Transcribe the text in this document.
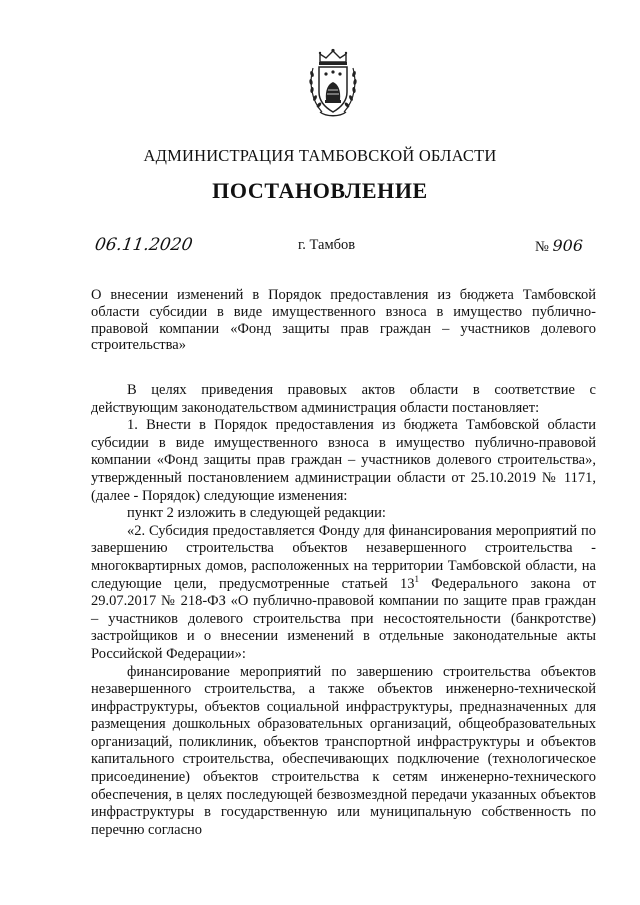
АДМИНИСТРАЦИЯ ТАМБОВСКОЙ ОБЛАСТИ
ПОСТАНОВЛЕНИЕ
06.11.2020	г. Тамбов	№ 906
О внесении изменений в Порядок предоставления из бюджета Тамбовской области субсидии в виде имущественного взноса в имущество публично-правовой компании «Фонд защиты прав граждан – участников долевого строительства»

В целях приведения правовых актов области в соответствие с действующим законодательством администрация области постановляет:

1. Внести в Порядок предоставления из бюджета Тамбовской области субсидии в виде имущественного взноса в имущество публично-правовой компании «Фонд защиты прав граждан – участников долевого строительства», утвержденный постановлением администрации области от 25.10.2019 № 1171, (далее - Порядок) следующие изменения:

пункт 2 изложить в следующей редакции:

«2. Субсидия предоставляется Фонду для финансирования мероприятий по завершению строительства объектов незавершенного строительства - многоквартирных домов, расположенных на территории Тамбовской области, на следующие цели, предусмотренные статьей $13^1$ Федерального закона от 29.07.2017 № 218-ФЗ «О публично-правовой компании по защите прав граждан – участников долевого строительства при несостоятельности (банкротстве) застройщиков и о внесении изменений в отдельные законодательные акты Российской Федерации»:

финансирование мероприятий по завершению строительства объектов незавершенного строительства, а также объектов инженерно-технической инфраструктуры, объектов социальной инфраструктуры, предназначенных для размещения дошкольных образовательных организаций, общеобразовательных организаций, поликлиник, объектов транспортной инфраструктуры и объектов капитального строительства, обеспечивающих подключение (технологическое присоединение) объектов строительства к сетям инженерно-технического обеспечения, в целях последующей безвозмездной передачи указанных объектов инфраструктуры в государственную или муниципальную собственность по перечню согласно
